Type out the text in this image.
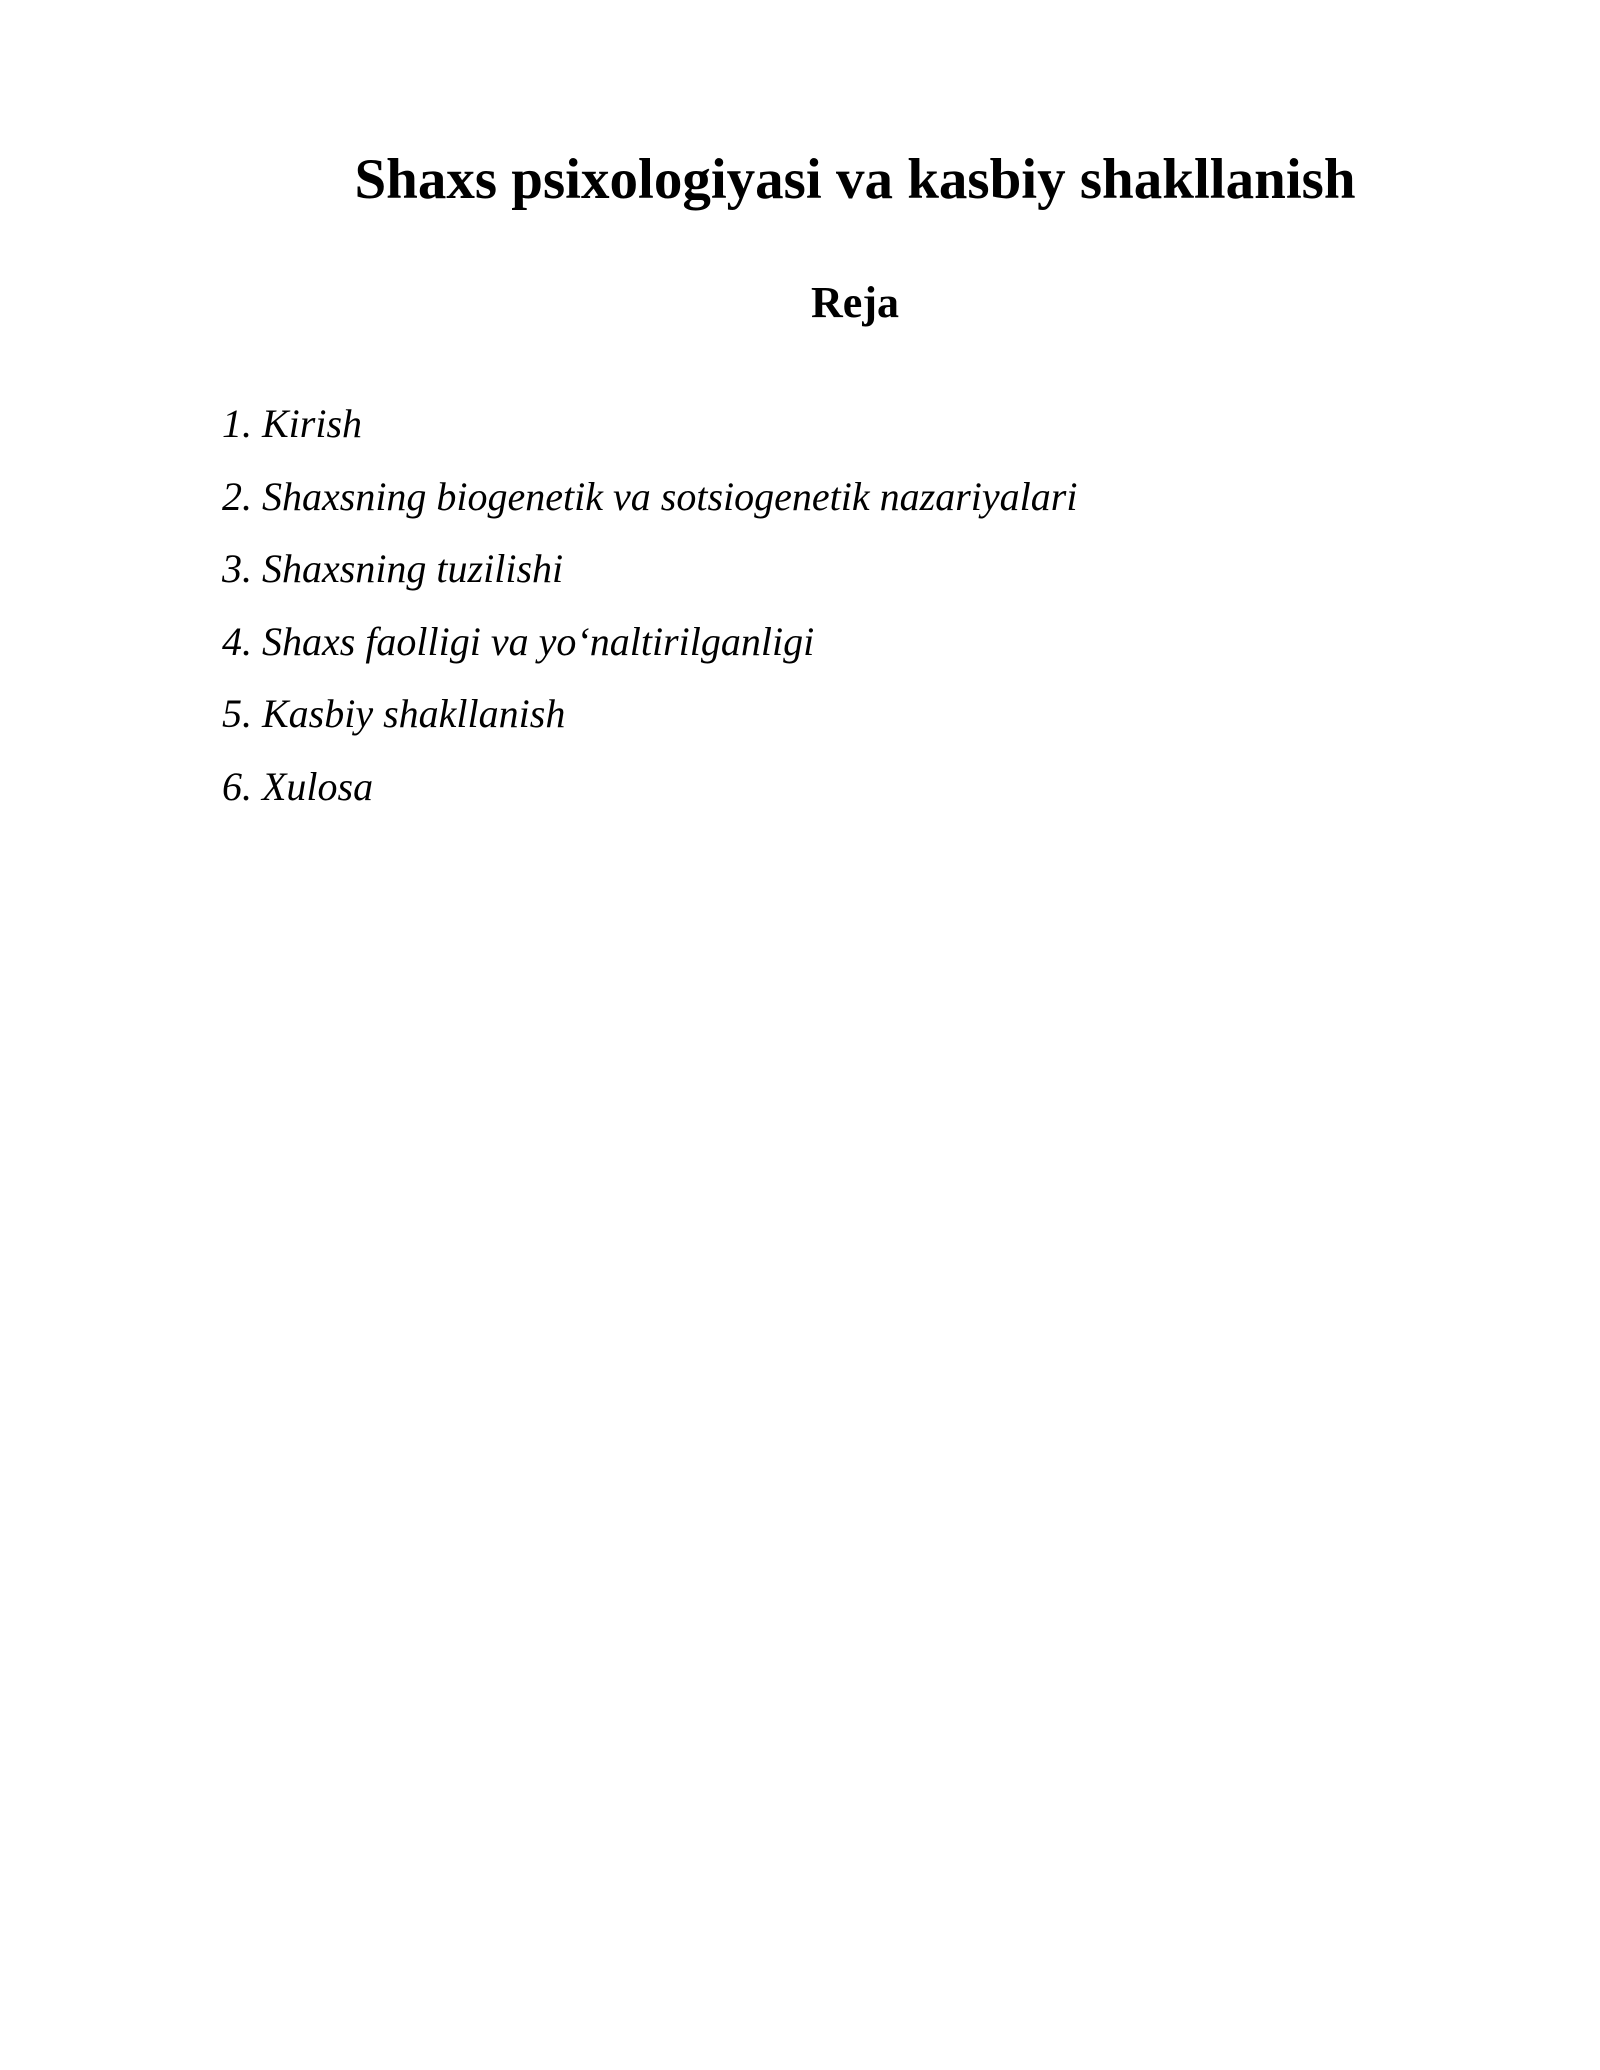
Shaxs psixologiyasi va kasbiy shakllanish
Reja
1. Kirish
2. Shaxsning biogenetik va sotsiogenetik nazariyalari
3. Shaxsning tuzilishi
4. Shaxs faolligi va yo‘naltirilganligi
5. Kasbiy shakllanish
6. Xulosa
